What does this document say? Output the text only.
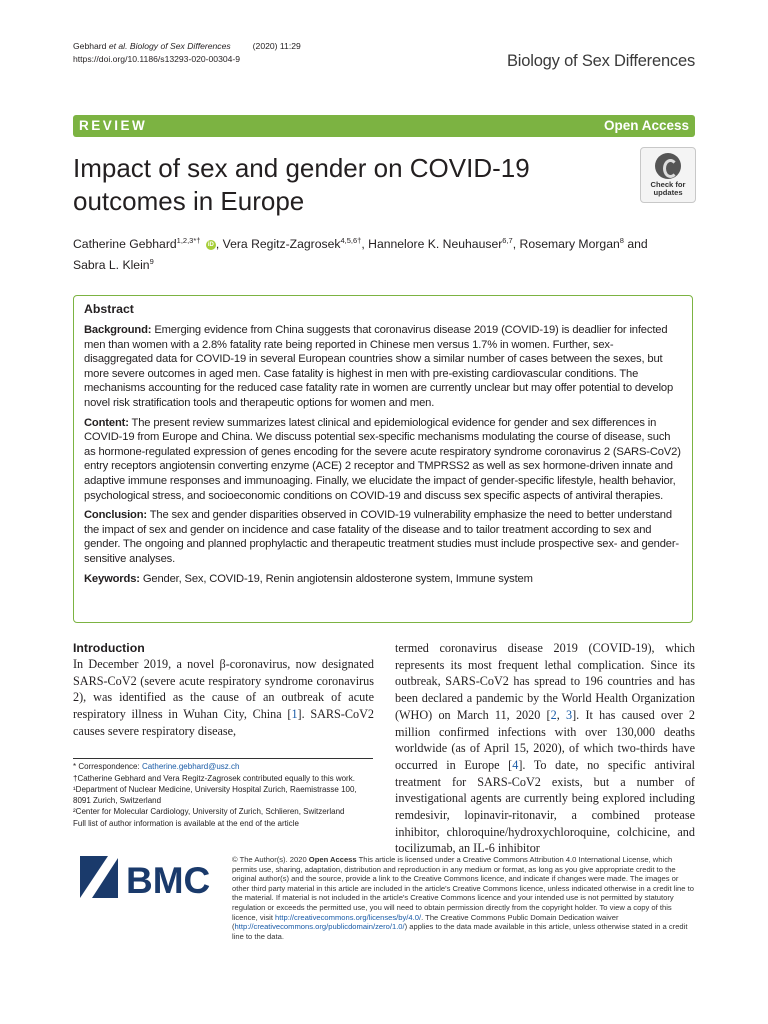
Gebhard et al. Biology of Sex Differences	(2020) 11:29
https://doi.org/10.1186/s13293-020-00304-9	Biology of Sex Differences
REVIEW	Open Access
Impact of sex and gender on COVID-19 outcomes in Europe
Check for updates
Catherine Gebhard$^{1,2,3*\dagger}$ iD , Vera Regitz-Zagrosek$^{4,5,6\dagger}$, Hannelore K. Neuhauser$^{6,7}$, Rosemary Morgan$^8$ and  Sabra L. Klein$^9$
Abstract

Background: Emerging evidence from China suggests that coronavirus disease 2019 (COVID-19) is deadlier for infected men than women with a 2.8% fatality rate being reported in Chinese men versus 1.7% in women. Further, sex-disaggregated data for COVID-19 in several European countries show a similar number of cases between the sexes, but more severe outcomes in aged men. Case fatality is highest in men with pre-existing cardiovascular conditions. The mechanisms accounting for the reduced case fatality rate in women are currently unclear but may offer potential to develop novel risk stratification tools and therapeutic options for women and men.

Content: The present review summarizes latest clinical and epidemiological evidence for gender and sex differences in COVID-19 from Europe and China. We discuss potential sex-specific mechanisms modulating the course of disease, such as hormone-regulated expression of genes encoding for the severe acute respiratory syndrome coronavirus 2 (SARS-CoV2) entry receptors angiotensin converting enzyme (ACE) 2 receptor and TMPRSS2 as well as sex hormone-driven innate and adaptive immune responses and immunoaging. Finally, we elucidate the impact of gender-specific lifestyle, health behavior, psychological stress, and socioeconomic conditions on COVID-19 and discuss sex specific aspects of antiviral therapies.

Conclusion: The sex and gender disparities observed in COVID-19 vulnerability emphasize the need to better understand the impact of sex and gender on incidence and case fatality of the disease and to tailor treatment according to sex and gender. The ongoing and planned prophylactic and therapeutic treatment studies must include prospective sex- and gender-sensitive analyses.

Keywords: Gender, Sex, COVID-19, Renin angiotensin aldosterone system, Immune system

Introduction

In December 2019, a novel β-coronavirus, now designated SARS-CoV2 (severe acute respiratory syndrome coronavirus 2), was identified as the cause of an outbreak of acute respiratory illness in Wuhan City, China [1]. SARS-CoV2 causes severe respiratory disease,

* Correspondence: Catherine.gebhard@usz.ch

†Catherine Gebhard and Vera Regitz-Zagrosek contributed equally to this work.

¹Department of Nuclear Medicine, University Hospital Zurich, Raemistrasse 100, 8091 Zurich, Switzerland

²Center for Molecular Cardiology, University of Zurich, Schlieren, Switzerland

Full list of author information is available at the end of the article

termed coronavirus disease 2019 (COVID-19), which represents its most frequent lethal complication. Since its outbreak, SARS-CoV2 has spread to 196 countries and has been declared a pandemic by the World Health Organization (WHO) on March 11, 2020 [2, 3]. It has caused over 2 million confirmed infections with over 130,000 deaths worldwide (as of April 15, 2020), of which two-thirds have occurred in Europe [4]. To date, no specific antiviral treatment for SARS-CoV2 exists, but a number of investigational agents are currently being explored including remdesivir, lopinavir-ritonavir, a combined protease inhibitor, chloroquine/hydroxychloroquine, colchicine, and tocilizumab, an IL-6 inhibitor

BMC
© The Author(s). 2020 Open Access This article is licensed under a Creative Commons Attribution 4.0 International License, which permits use, sharing, adaptation, distribution and reproduction in any medium or format, as long as you give appropriate credit to the original author(s) and the source, provide a link to the Creative Commons licence, and indicate if changes were made. The images or other third party material in this article are included in the article's Creative Commons licence, unless indicated otherwise in a credit line to the material. If material is not included in the article's Creative Commons licence and your intended use is not permitted by statutory regulation or exceeds the permitted use, you will need to obtain permission directly from the copyright holder. To view a copy of this licence, visit http://creativecommons.org/licenses/by/4.0/. The Creative Commons Public Domain Dedication waiver (http://creativecommons.org/publicdomain/zero/1.0/) applies to the data made available in this article, unless otherwise stated in a credit line to the data.
